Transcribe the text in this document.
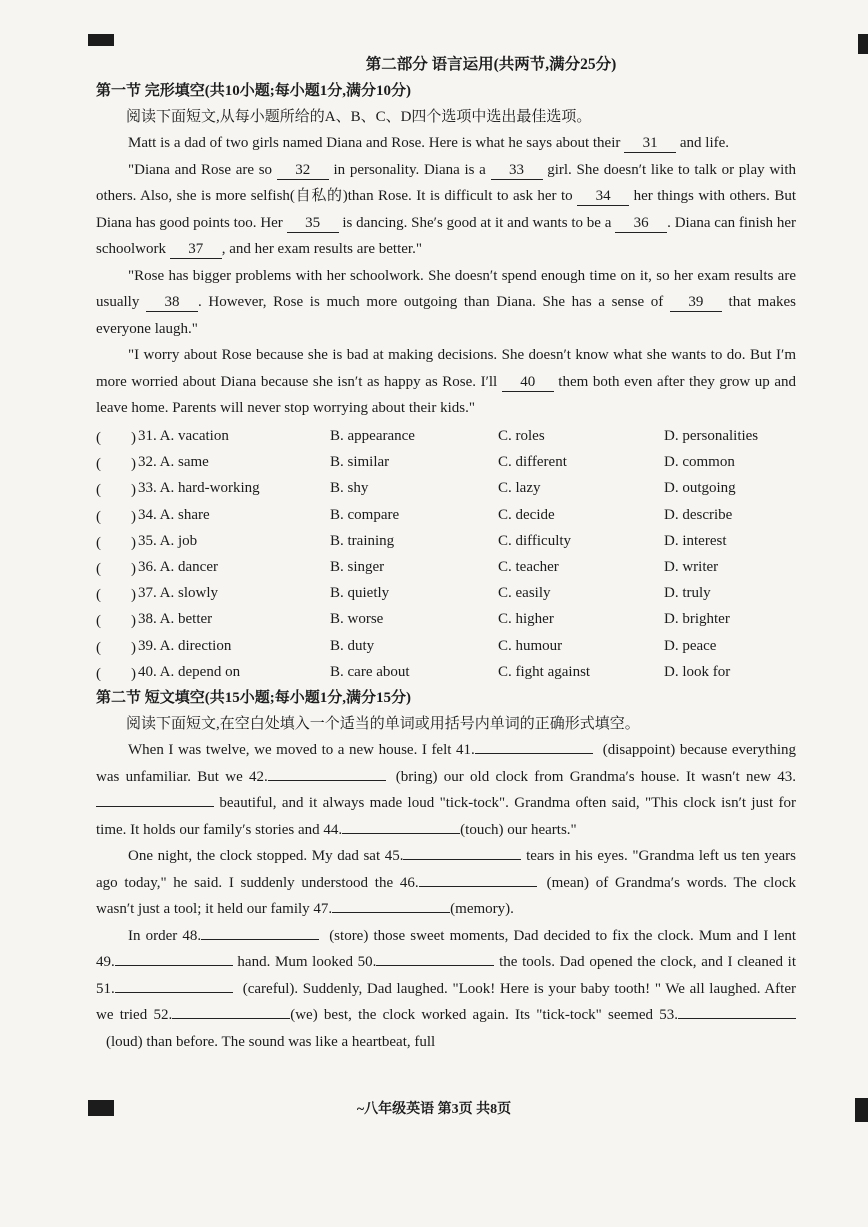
第二部分 语言运用(共两节,满分25分)
第一节 完形填空(共10小题;每小题1分,满分10分)
阅读下面短文,从每小题所给的A、B、C、D四个选项中选出最佳选项。

Matt is a dad of two girls named Diana and Rose. Here is what he says about their 31 and life.

"Diana and Rose are so 32 in personality. Diana is a 33 girl. She doesn′t like to talk or play with others. Also, she is more selfish(自私的)than Rose. It is difficult to ask her to 34 her things with others. But Diana has good points too. Her 35 is dancing. She′s good at it and wants to be a 36 . Diana can finish her schoolwork 37 , and her exam results are better."

"Rose has bigger problems with her schoolwork. She doesn′t spend enough time on it, so her exam results are usually 38 . However, Rose is much more outgoing than Diana. She has a sense of 39 that makes everyone laugh."

"I worry about Rose because she is bad at making decisions. She doesn′t know what she wants to do. But I′m more worried about Diana because she isn′t as happy as Rose. I′ll 40 them both even after they grow up and leave home. Parents will never stop worrying about their kids."

(　　) 31. A. vacation	B. appearance	C. roles	D. personalities
(　　) 32. A. same	B. similar	C. different	D. common
(　　) 33. A. hard-working	B. shy	C. lazy	D. outgoing
(　　) 34. A. share	B. compare	C. decide	D. describe
(　　) 35. A. job	B. training	C. difficulty	D. interest
(　　) 36. A. dancer	B. singer	C. teacher	D. writer
(　　) 37. A. slowly	B. quietly	C. easily	D. truly
(　　) 38. A. better	B. worse	C. higher	D. brighter
(　　) 39. A. direction	B. duty	C. humour	D. peace
(　　) 40. A. depend on	B. care about	C. fight against	D. look for
第二节 短文填空(共15小题;每小题1分,满分15分)
阅读下面短文,在空白处填入一个适当的单词或用括号内单词的正确形式填空。

When I was twelve, we moved to a new house. I felt 41.	(disappoint) because everything was unfamiliar. But we 42.	(bring) our old clock from Grandma′s house. It wasn′t new 43. beautiful, and it always made loud "tick-tock". Grandma often said, "This clock isn′t just for time. It holds our family′s stories and 44.	(touch) our hearts."

One night, the clock stopped. My dad sat 45.	tears in his eyes. "Grandma left us ten years ago today," he said. I suddenly understood the 46.	(mean) of Grandma′s words. The clock wasn′t just a tool; it held our family 47.	(memory).

In order 48.	(store) those sweet moments, Dad decided to fix the clock. Mum and I lent 49.	hand. Mum looked 50.	the tools. Dad opened the clock, and I cleaned it 51.	(careful). Suddenly, Dad laughed. "Look! Here is your baby tooth! " We all laughed. After we tried 52.	(we) best, the clock worked again. Its "tick-tock" seemed 53.(loud) than before. The sound was like a heartbeat, full

~八年级英语 第3页 共8页
